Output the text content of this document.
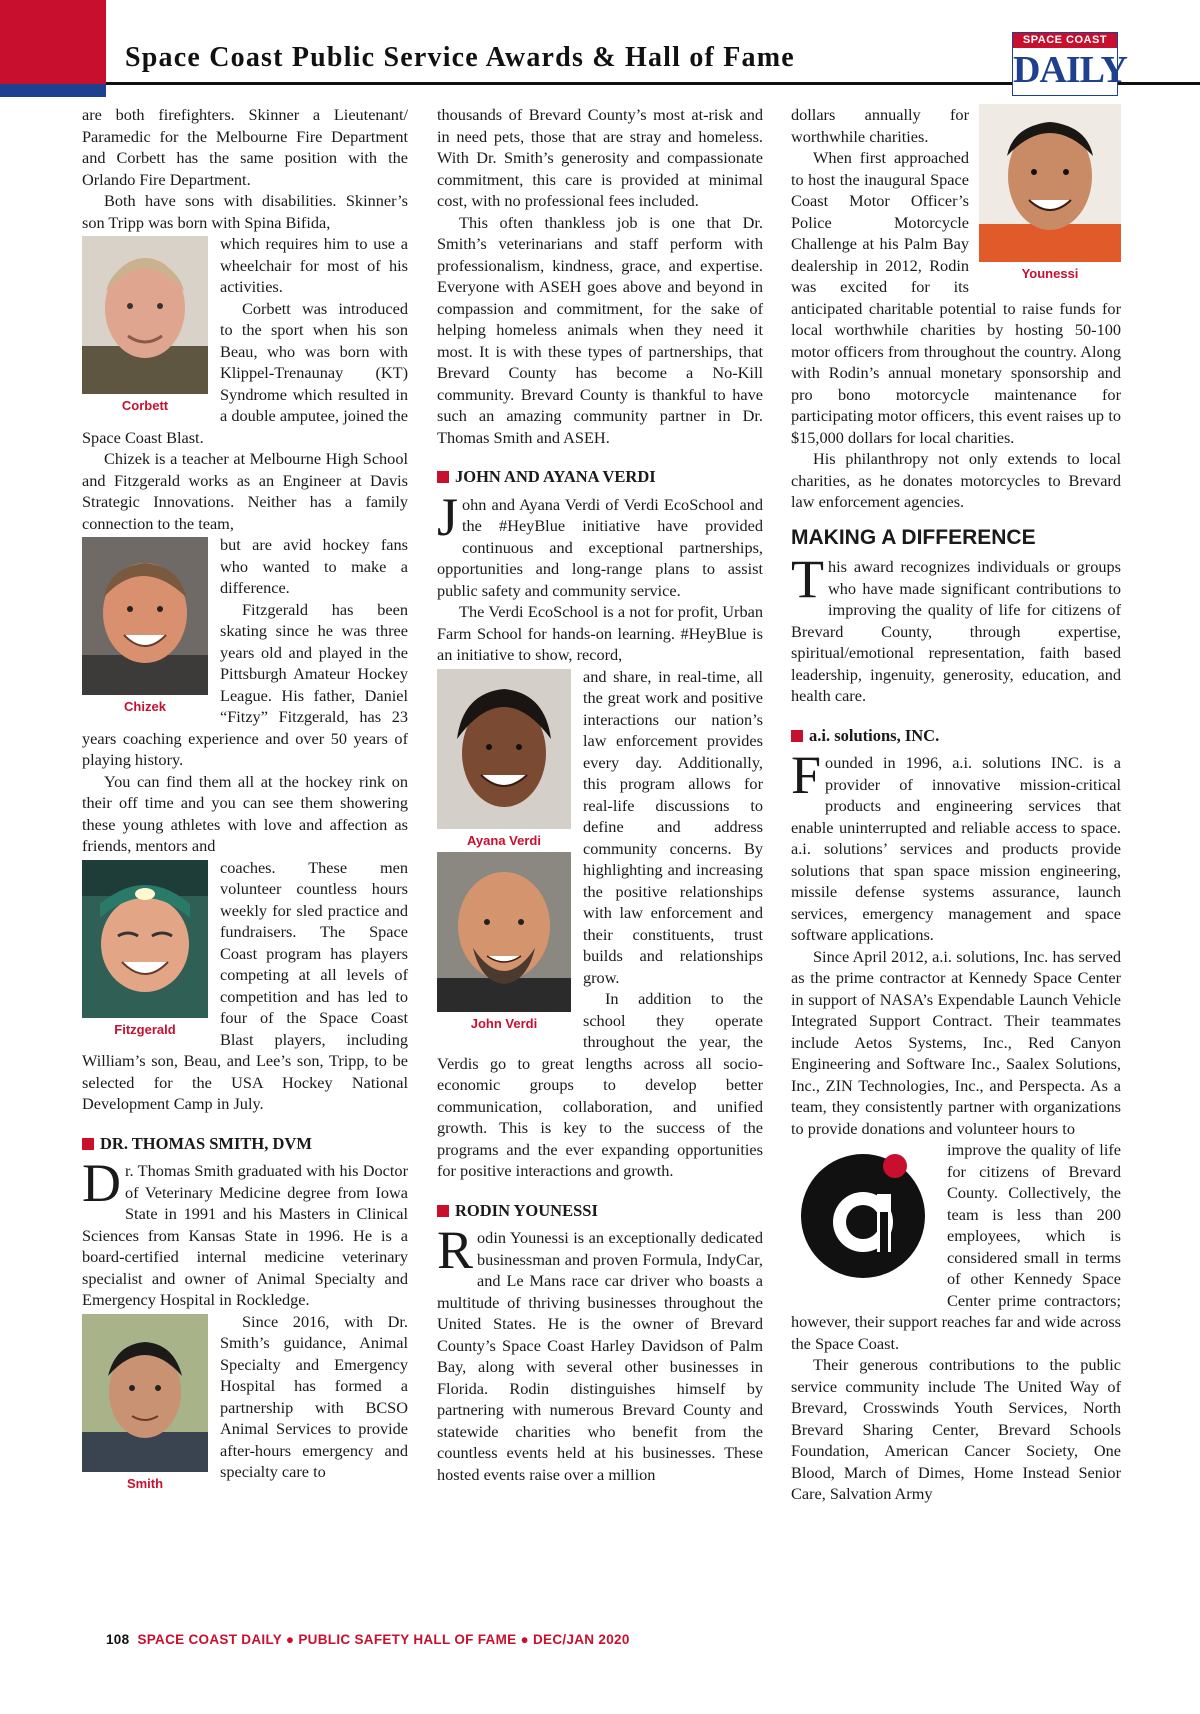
Space Coast Public Service Awards & Hall of Fame
SPACE COAST
DAILY

are both firefighters. Skinner a Lieutenant/ Paramedic for the Melbourne Fire Department and Corbett has the same position with the Orlando Fire Department.

Both have sons with disabilities. Skinner’s son Tripp was born with Spina Bifida,

Corbett

which requires him to use a wheelchair for most of his activities.

Corbett was introduced to the sport when his son Beau, who was born with Klippel-Trenaunay (KT) Syndrome which resulted in a double amputee, joined the Space Coast Blast.

Chizek is a teacher at Melbourne High School and Fitzgerald works as an Engineer at Davis Strategic Innovations. Neither has a family connection to the team,

Chizek

but are avid hockey fans who wanted to make a difference.

Fitzgerald has been skating since he was three years old and played in the Pittsburgh Amateur Hockey League. His father, Daniel “Fitzy” Fitzgerald, has 23 years coaching experience and over 50 years of playing history.

You can find them all at the hockey rink on their off time and you can see them showering these young athletes with love and affection as friends, mentors and

Fitzgerald

coaches. These men volunteer countless hours weekly for sled practice and fundraisers. The Space Coast program has players competing at all levels of competition and has led to four of the Space Coast Blast players, including William’s son, Beau, and Lee’s son, Tripp, to be selected for the USA Hockey National Development Camp in July.

DR. THOMAS SMITH, DVM

Dr. Thomas Smith graduated with his Doctor of Veterinary Medicine degree from Iowa State in 1991 and his Masters in Clinical Sciences from Kansas State in 1996. He is a board-certified internal medicine veterinary specialist and owner of Animal Specialty and Emergency Hospital in Rockledge.

Smith

Since 2016, with Dr. Smith’s guidance, Animal Specialty and Emergency Hospital has formed a partnership with BCSO Animal Services to provide after-hours emergency and specialty care to

thousands of Brevard County’s most at-risk and in need pets, those that are stray and homeless. With Dr. Smith’s generosity and compassionate commitment, this care is provided at minimal cost, with no professional fees included.

This often thankless job is one that Dr. Smith’s veterinarians and staff perform with professionalism, kindness, grace, and expertise. Everyone with ASEH goes above and beyond in compassion and commitment, for the sake of helping homeless animals when they need it most. It is with these types of partnerships, that Brevard County has become a No-Kill community. Brevard County is thankful to have such an amazing community partner in Dr. Thomas Smith and ASEH.

JOHN AND AYANA VERDI

John and Ayana Verdi of Verdi EcoSchool and the #HeyBlue initiative have provided continuous and exceptional partnerships, opportunities and long-range plans to assist public safety and community service.

The Verdi EcoSchool is a not for profit, Urban Farm School for hands-on learning. #HeyBlue is an initiative to show, record,

Ayana Verdi
John Verdi

and share, in real-time, all the great work and positive interactions our nation’s law enforcement provides every day. Additionally, this program allows for real-life discussions to define and address community concerns. By highlighting and increasing the positive relationships with law enforcement and their constituents, trust builds and relationships grow.

In addition to the school they operate throughout the year, the Verdis go to great lengths across all socio-economic groups to develop better communication, collaboration, and unified growth. This is key to the success of the programs and the ever expanding opportunities for positive interactions and growth.

RODIN YOUNESSI

Rodin Younessi is an exceptionally dedicated businessman and proven Formula, IndyCar, and Le Mans race car driver who boasts a multitude of thriving businesses throughout the United States. He is the owner of Brevard County’s Space Coast Harley Davidson of Palm Bay, along with several other businesses in Florida. Rodin distinguishes himself by partnering with numerous Brevard County and statewide charities who benefit from the countless events held at his businesses. These hosted events raise over a million

Younessi

dollars annually for worthwhile charities.

When first approached to host the inaugural Space Coast Motor Officer’s Police Motorcycle Challenge at his Palm Bay dealership in 2012, Rodin was excited for its anticipated charitable potential to raise funds for local worthwhile charities by hosting 50-100 motor officers from throughout the country. Along with Rodin’s annual monetary sponsorship and pro bono motorcycle maintenance for participating motor officers, this event raises up to $15,000 dollars for local charities.

His philanthropy not only extends to local charities, as he donates motorcycles to Brevard law enforcement agencies.

MAKING A DIFFERENCE

This award recognizes individuals or groups who have made significant contributions to improving the quality of life for citizens of Brevard County, through expertise, spiritual/emotional representation, faith based leadership, ingenuity, generosity, education, and health care.

a.i. solutions, INC.

Founded in 1996, a.i. solutions INC. is a provider of innovative mission-critical products and engineering services that enable uninterrupted and reliable access to space. a.i. solutions’ services and products provide solutions that span space mission engineering, missile defense systems assurance, launch services, emergency management and space software applications.

Since April 2012, a.i. solutions, Inc. has served as the prime contractor at Kennedy Space Center in support of NASA’s Expendable Launch Vehicle Integrated Support Contract. Their teammates include Aetos Systems, Inc., Red Canyon Engineering and Software Inc., Saalex Solutions, Inc., ZIN Technologies, Inc., and Perspecta. As a team, they consistently partner with organizations to provide donations and volunteer hours to

improve the quality of life for citizens of Brevard County. Collectively, the team is less than 200 employees, which is considered small in terms of other Kennedy Space Center prime contractors; however, their support reaches far and wide across the Space Coast.

Their generous contributions to the public service community include The United Way of Brevard, Crosswinds Youth Services, North Brevard Sharing Center, Brevard Schools Foundation, American Cancer Society, One Blood, March of Dimes, Home Instead Senior Care, Salvation Army

108 SPACE COAST DAILY ● PUBLIC SAFETY HALL OF FAME ● DEC/JAN 2020
